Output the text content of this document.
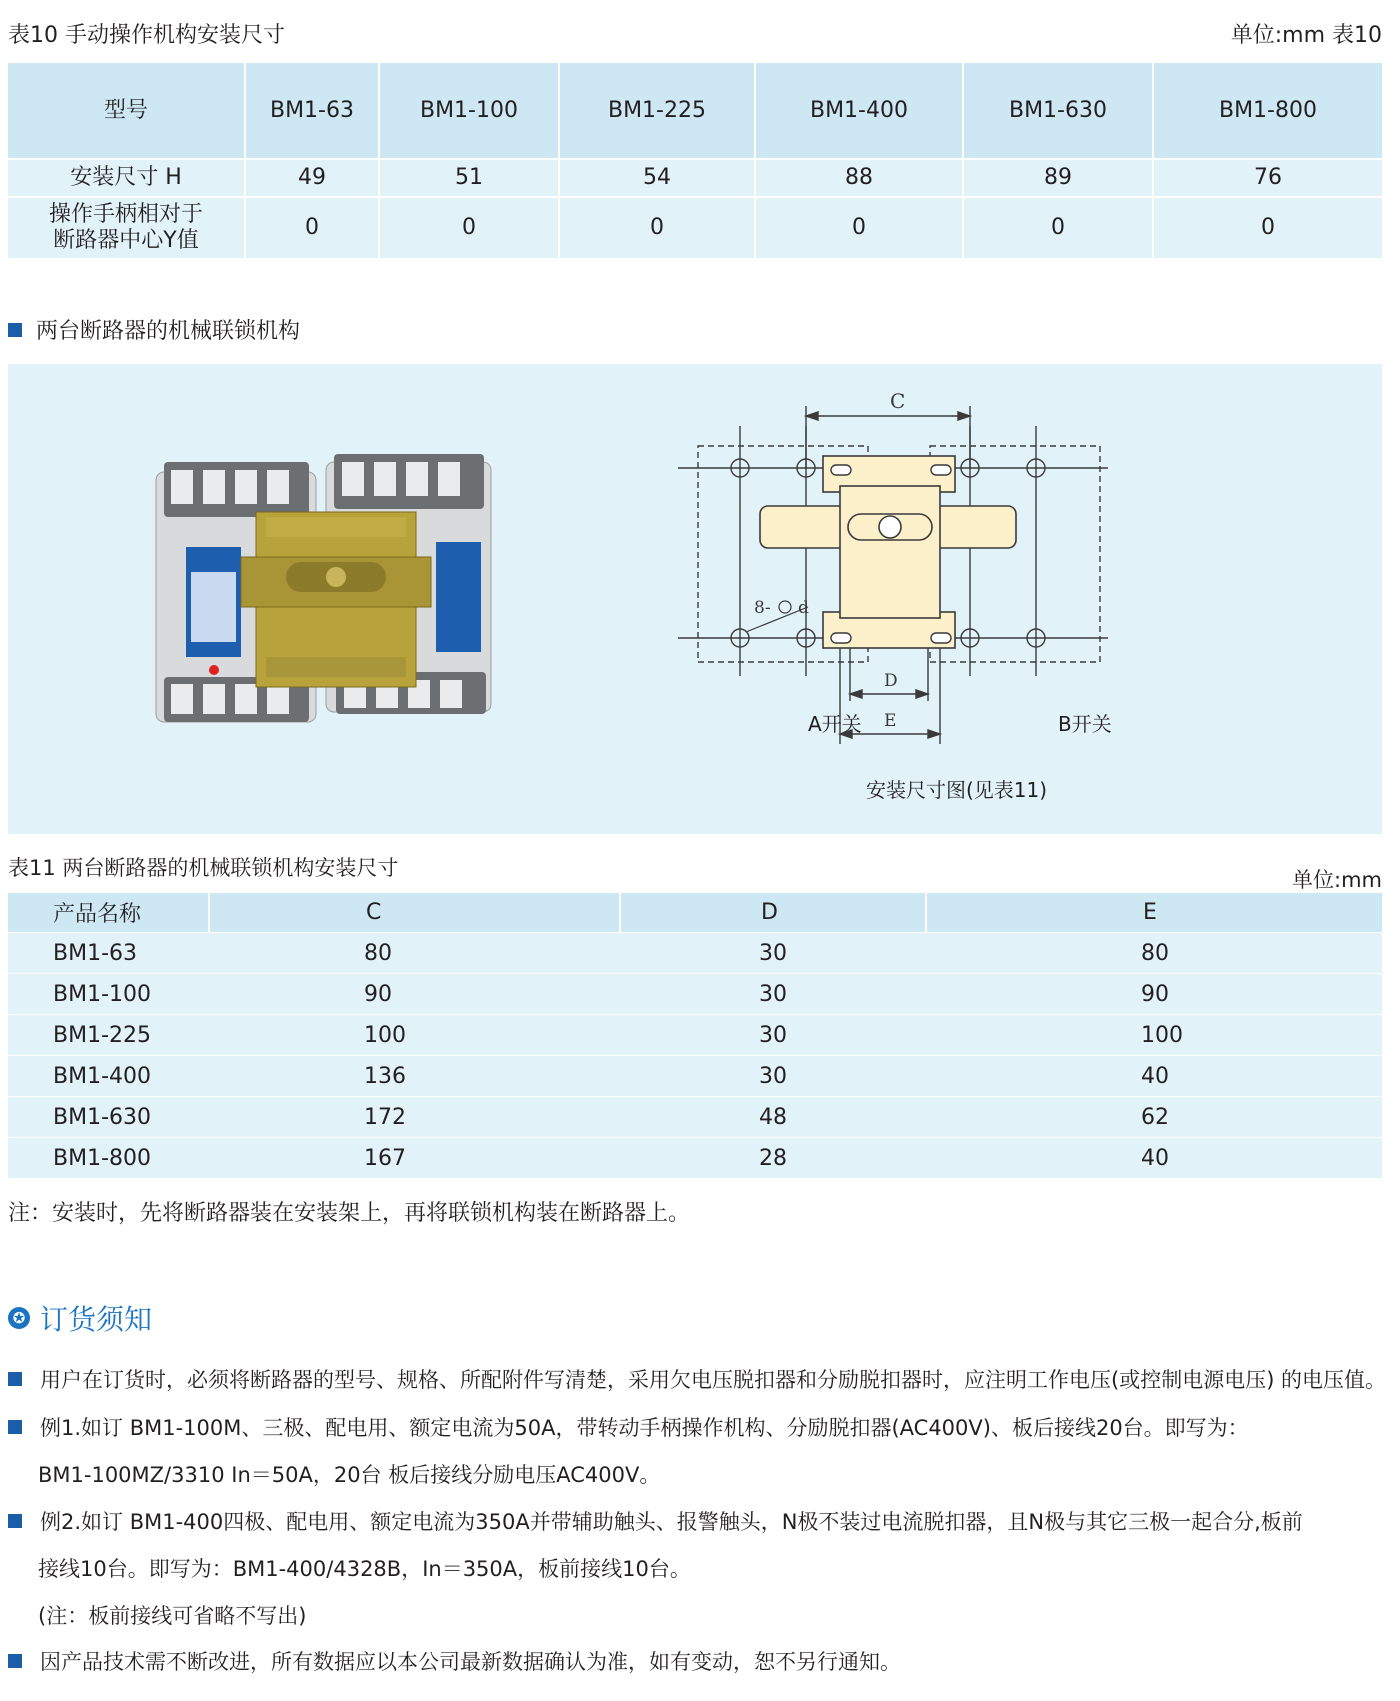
表10 手动操作机构安装尺寸	单位:mm 表10
型号	BM1-63	BM1-100	BM1-225	BM1-400	BM1-630	BM1-800
安装尺寸 H	49	51	54	88	89	76
操作手柄相对于
断路器中心Y值
0	0	0	0	0	0
两台断路器的机械联锁机构
C
8- d
D
E
A开关	B开关
安装尺寸图(见表11)
表11 两台断路器的机械联锁机构安装尺寸	单位:mm
产品名称	C	D	E
BM1-63	80	30	80
BM1-100	90	30	90
BM1-225	100	30	100
BM1-400	136	30	40
BM1-630	172	48	62
BM1-800	167	28	40
注：安装时，先将断路器装在安装架上，再将联锁机构装在断路器上。
✪ 订货须知
用户在订货时，必须将断路器的型号、规格、所配附件写清楚，采用欠电压脱扣器和分励脱扣器时，应注明工作电压(或控制电源电压) 的电压值。
例1.如订 BM1-100M、三极、配电用、额定电流为50A，带转动手柄操作机构、分励脱扣器(AC400V)、板后接线20台。即写为：
BM1-100MZ/3310 In＝50A，20台 板后接线分励电压AC400V。
例2.如订 BM1-400四极、配电用、额定电流为350A并带辅助触头、报警触头，N极不装过电流脱扣器，且N极与其它三极一起合分,板前
接线10台。即写为：BM1-400/4328B，In＝350A，板前接线10台。
(注：板前接线可省略不写出)
因产品技术需不断改进，所有数据应以本公司最新数据确认为准，如有变动，恕不另行通知。
